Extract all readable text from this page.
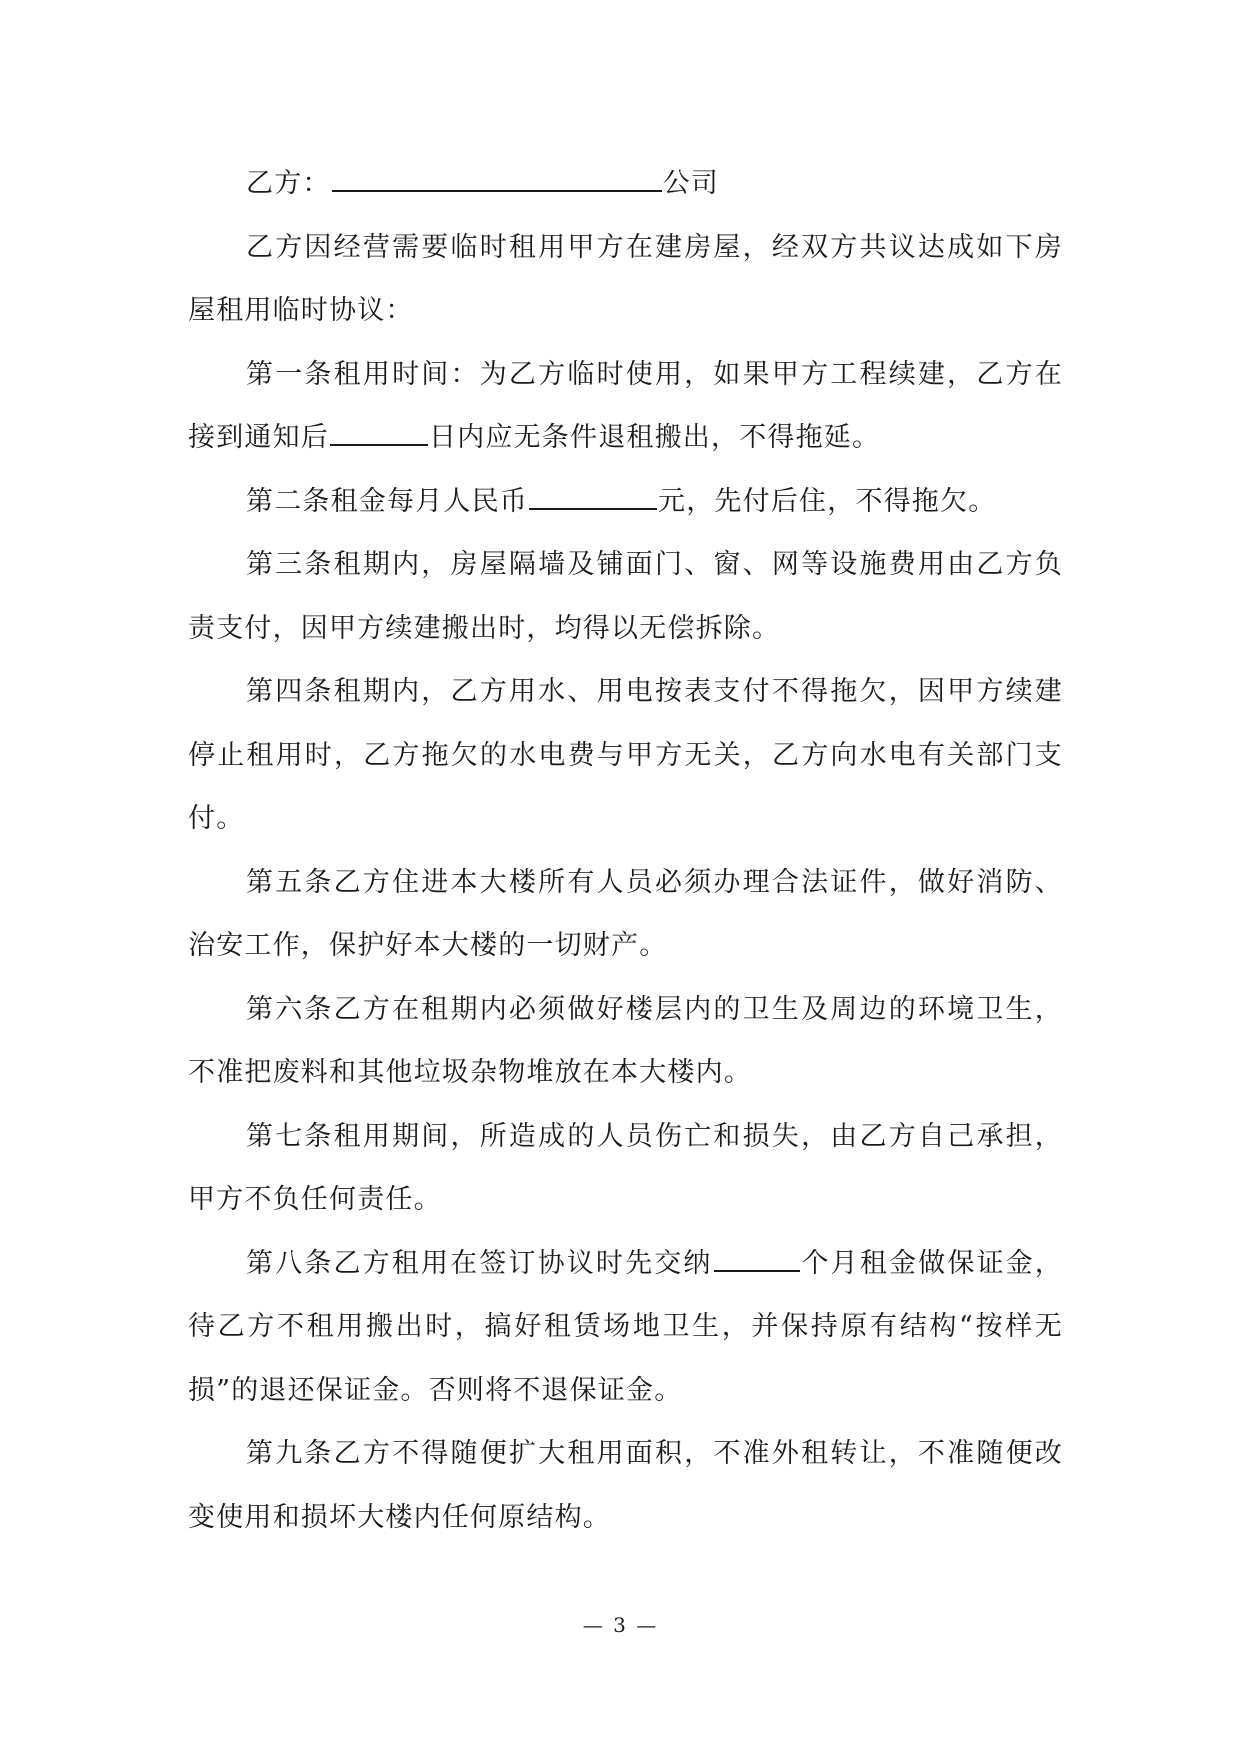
乙方：	公司

乙方因经营需要临时租用甲方在建房屋，经双方共议达成如下房屋租用临时协议：

第一条租用时间：为乙方临时使用，如果甲方工程续建，乙方在接到通知后	日内应无条件退租搬出，不得拖延。

第二条租金每月人民币	元，先付后住，不得拖欠。

第三条租期内，房屋隔墙及铺面门、窗、网等设施费用由乙方负责支付，因甲方续建搬出时，均得以无偿拆除。

第四条租期内，乙方用水、用电按表支付不得拖欠，因甲方续建停止租用时，乙方拖欠的水电费与甲方无关，乙方向水电有关部门支付。

第五条乙方住进本大楼所有人员必须办理合法证件，做好消防、治安工作，保护好本大楼的一切财产。

第六条乙方在租期内必须做好楼层内的卫生及周边的环境卫生，不准把废料和其他垃圾杂物堆放在本大楼内。

第七条租用期间，所造成的人员伤亡和损失，由乙方自己承担，甲方不负任何责任。

第八条乙方租用在签订协议时先交纳	个月租金做保证金，待乙方不租用搬出时，搞好租赁场地卫生，并保持原有结构“按样无损”的退还保证金。否则将不退保证金。

第九条乙方不得随便扩大租用面积，不准外租转让，不准随便改变使用和损坏大楼内任何原结构。

— 3 —
